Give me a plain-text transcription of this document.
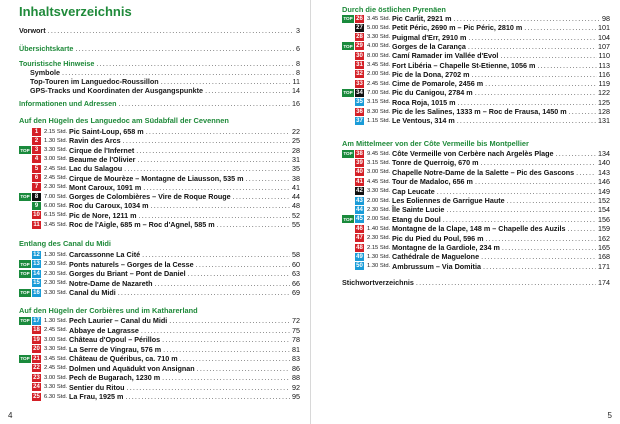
Inhaltsverzeichnis
Vorwort .....	3
Übersichtskarte .....	6
Touristische Hinweise .....	8
Symbole .....	8
Top-Touren im Languedoc-Roussillon .....	11
GPS-Tracks und Koordinaten der Ausgangspunkte .....	14
Informationen und Adressen .....	16
Auf den Hügeln des Languedoc am Südabfall der Cevennen
Entlang des Canal du Midi
Auf den Hügeln der Corbières und im Katharerland
4
1	2.15 Std. Pic Saint-Loup, 658 m .....	22
2	1.30 Std. Ravin des Arcs .....	25
TOP 3	3.30 Std. Cirque de l'Infernet .....	28
4	3.00 Std. Beaume de l'Olivier .....	31
5	2.45 Std. Lac du Salagou .....	35
6	2.45 Std. Cirque de Mourèze – Montagne de Liausson, 535 m .....	38
7	2.30 Std. Mont Caroux, 1091 m .....	41
TOP 8	7.00 Std. Gorges de Colombières – Vire de Roque Rouge .....	44
9	6.00 Std. Roc du Caroux, 1034 m .....	48
10 6.15 Std. Pic de Nore, 1211 m .....	52
11 3.45 Std. Roc de l'Aigle, 685 m – Roc d'Agnel, 585 m .....	55
12 1.30 Std. Carcassonne La Cité .....	58
TOP 13 2.30 Std. Ponts naturels – Gorges de la Cesse .....	60
TOP 14 2.30 Std. Gorges du Briant – Pont de Daniel .....	63
15 2.30 Std. Notre-Dame de Nazareth .....	66
TOP 16 3.30 Std. Canal du Midi .....	69
TOP 17 1.30 Std. Pech Laurier – Canal du Midi .....	72
18 2.45 Std. Abbaye de Lagrasse .....	75
19 3.00 Std. Château d'Opoul – Périllos .....	78
20 3.30 Std. La Serre de Vingrau, 576 m .....	81
TOP 21 3.45 Std. Château de Quéribus, ca. 710 m .....	83
22 2.45 Std. Dolmen und Aquädukt von Ansignan .....	86
23 3.00 Std. Pech de Bugarach, 1230 m .....	88
24 3.30 Std. Sentier du Ritou .....	92
25 6.30 Std. La Frau, 1925 m .....	95
Durch die östlichen Pyrenäen
Am Mittelmeer von der Côte Vermeille bis Montpellier
Stichwortverzeichnis .....	174
5
TOP 26 3.45 Std. Pic Carlit, 2921 m .....	98
27 5.00 Std. Petit Péric, 2690 m – Pic Péric, 2810 m .....	101
28 3.30 Std. Puigmal d'Err, 2910 m .....	104
TOP 29 4.00 Std. Gorges de la Carança .....	107
30 8.00 Std. Camí Ramader im Vallée d'Evol .....	110
31 3.45 Std. Fort Libéria – Chapelle St-Etienne, 1056 m .....	113
32 2.00 Std. Pic de la Dona, 2702 m .....	116
33 2.45 Std. Cime de Pomarole, 2456 m .....	119
TOP 34 7.00 Std. Pic du Canigou, 2784 m .....	122
35 3.15 Std. Roca Roja, 1015 m .....	125
36 8.30 Std. Pic de les Salines, 1333 m – Roc de Frausa, 1450 m .....	128
37 1.15 Std. Le Ventous, 314 m .....	131
TOP 38 9.45 Std. Côte Vermeille von Cerbère nach Argelès Plage .....	134
39 3.15 Std. Tonre de Querroig, 670 m .....	140
40 3.00 Std. Chapelle Notre-Dame de la Salette – Pic des Gascons .....	143
41 4.45 Std. Tour de Madaloc, 656 m .....	146
42 3.30 Std. Cap Leucate .....	149
43 2.00 Std. Les Eoliennes de Garrigue Haute .....	152
44 2.30 Std. Île Sainte Lucie .....	154
TOP 45 2.00 Std. Etang du Doul .....	156
46 1.40 Std. Montagne de la Clape, 148 m – Chapelle des Auzils .....	159
47 2.30 Std. Pic du Pied du Poul, 596 m .....	162
48 2.15 Std. Montagne de la Gardiole, 234 m .....	165
49 1.30 Std. Cathédrale de Maguelone .....	168
50 1.30 Std. Ambrussum – Via Domitia .....	171
